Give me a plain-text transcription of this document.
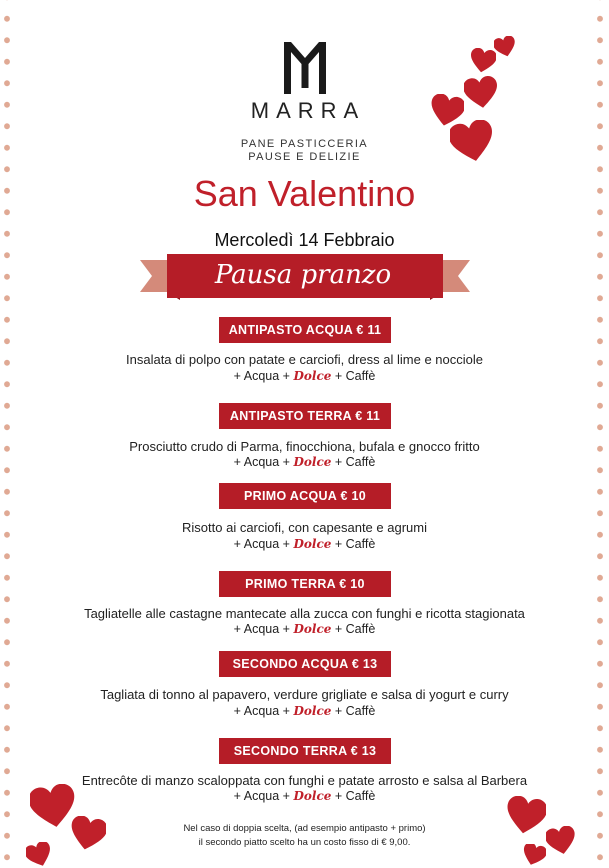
MARRA
PANE PASTICCERIA
PAUSE E DELIZIE
San Valentino
Mercoledì 14 Febbraio
Pausa pranzo
ANTIPASTO ACQUA € 11
Insalata di polpo con patate e carciofi, dress al lime e nocciole
+ Acqua + Dolce + Caffè
ANTIPASTO TERRA € 11
Prosciutto crudo di Parma, finocchiona, bufala e gnocco fritto
+ Acqua + Dolce + Caffè
PRIMO ACQUA € 10
Risotto ai carciofi, con capesante e agrumi
+ Acqua + Dolce + Caffè
PRIMO TERRA € 10
Tagliatelle alle castagne mantecate alla zucca con funghi e ricotta stagionata
+ Acqua + Dolce + Caffè
SECONDO ACQUA € 13
Tagliata di tonno al papavero, verdure grigliate e salsa di yogurt e curry
+ Acqua + Dolce + Caffè
SECONDO TERRA € 13
Entrecôte di manzo scaloppata con funghi e patate arrosto e salsa al Barbera
+ Acqua + Dolce + Caffè
Nel caso di doppia scelta, (ad esempio antipasto + primo)
il secondo piatto scelto ha un costo fisso di € 9,00.
